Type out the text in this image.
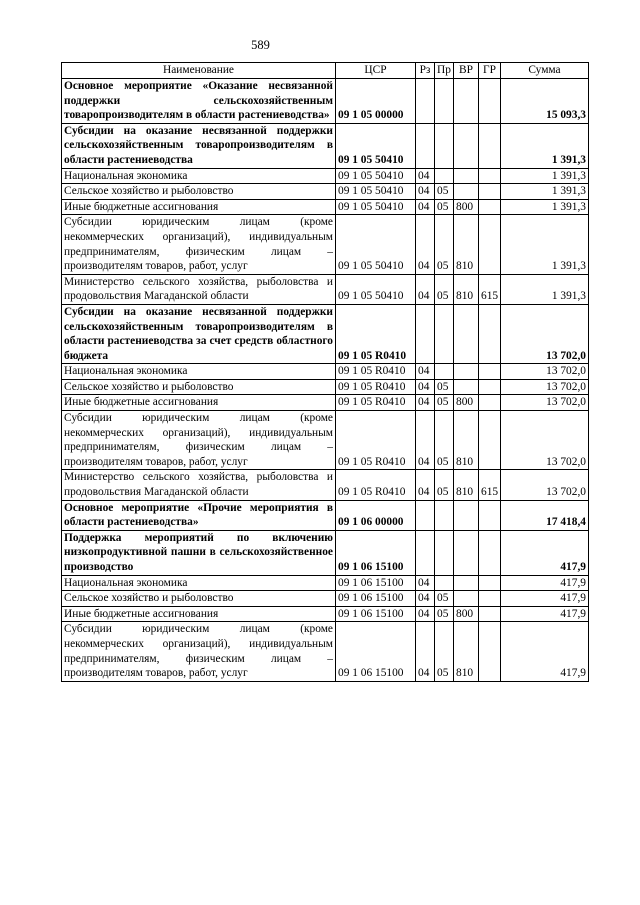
589
Наименование	ЦСР	Рз	Пр	ВР	ГР	Сумма
Основное мероприятие «Оказание несвязанной поддержки сельскохозяйственным товаропроизводителям в области растениеводства»	09 1 05 00000					15 093,3
Субсидии на оказание несвязанной поддержки сельскохозяйственным товаропроизводителям в области растениеводства	09 1 05 50410					1 391,3
Национальная экономика	09 1 05 50410	04				1 391,3
Сельское хозяйство и рыболовство	09 1 05 50410	04	05			1 391,3
Иные бюджетные ассигнования	09 1 05 50410	04	05	800		1 391,3
Субсидии юридическим лицам (кроме некоммерческих организаций), индивидуальным предпринимателям, физическим лицам – производителям товаров, работ, услуг	09 1 05 50410	04	05	810		1 391,3
Министерство сельского хозяйства, рыболовства и продовольствия Магаданской области	09 1 05 50410	04	05	810	615	1 391,3
Субсидии на оказание несвязанной поддержки сельскохозяйственным товаропроизводителям в области растениеводства за счет средств областного бюджета	09 1 05 R0410					13 702,0
Национальная экономика	09 1 05 R0410	04				13 702,0
Сельское хозяйство и рыболовство	09 1 05 R0410	04	05			13 702,0
Иные бюджетные ассигнования	09 1 05 R0410	04	05	800		13 702,0
Субсидии юридическим лицам (кроме некоммерческих организаций), индивидуальным предпринимателям, физическим лицам – производителям товаров, работ, услуг	09 1 05 R0410	04	05	810		13 702,0
Министерство сельского хозяйства, рыболовства и продовольствия Магаданской области	09 1 05 R0410	04	05	810	615	13 702,0
Основное мероприятие «Прочие мероприятия в области растениеводства»	09 1 06 00000					17 418,4
Поддержка мероприятий по включению низкопродуктивной пашни в сельскохозяйственное производство	09 1 06 15100					417,9
Национальная экономика	09 1 06 15100	04				417,9
Сельское хозяйство и рыболовство	09 1 06 15100	04	05			417,9
Иные бюджетные ассигнования	09 1 06 15100	04	05	800		417,9
Субсидии юридическим лицам (кроме некоммерческих организаций), индивидуальным предпринимателям, физическим лицам – производителям товаров, работ, услуг	09 1 06 15100	04	05	810		417,9
